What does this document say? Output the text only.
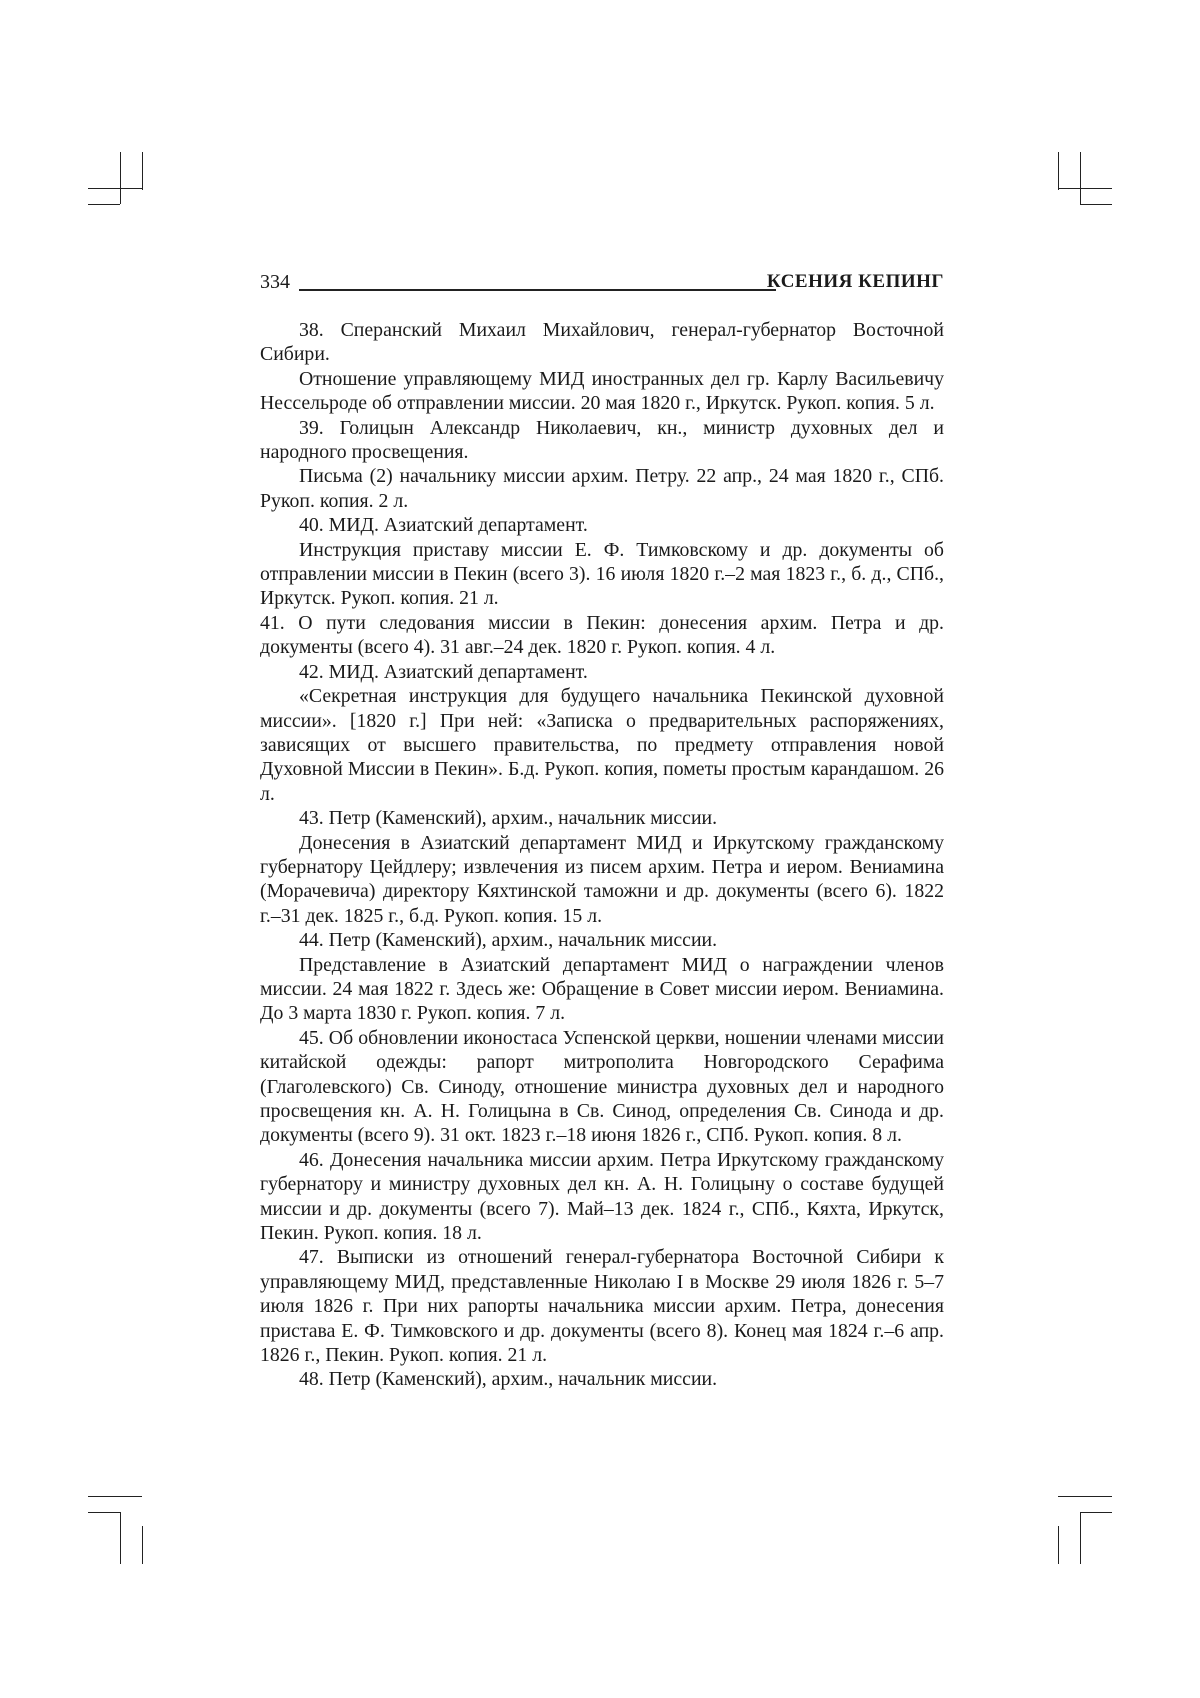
334	КСЕНИЯ КЕПИНГ

38. Сперанский Михаил Михайлович, генерал-губернатор Восточной Сибири.

Отношение управляющему МИД иностранных дел гр. Карлу Васильевичу Нессельроде об отправлении миссии. 20 мая 1820 г., Иркутск. Рукоп. копия. 5 л.

39. Голицын Александр Николаевич, кн., министр духовных дел и народного просвещения.

Письма (2) начальнику миссии архим. Петру. 22 апр., 24 мая 1820 г., СПб. Рукоп. копия. 2 л.

40. МИД. Азиатский департамент.

Инструкция приставу миссии Е. Ф. Тимковскому и др. документы об отправлении миссии в Пекин (всего 3). 16 июля 1820 г.–2 мая 1823 г., б. д., СПб., Иркутск. Рукоп. копия. 21 л.

41. О пути следования миссии в Пекин: донесения архим. Петра и др. документы (всего 4). 31 авг.–24 дек. 1820 г. Рукоп. копия. 4 л.

42. МИД. Азиатский департамент.

«Секретная инструкция для будущего начальника Пекинской духовной миссии». [1820 г.] При ней: «Записка о предварительных распоряжениях, зависящих от высшего правительства, по предмету отправления новой Духовной Миссии в Пекин». Б.д. Рукоп. копия, пометы простым карандашом. 26 л.

43. Петр (Каменский), архим., начальник миссии.

Донесения в Азиатский департамент МИД и Иркутскому гражданскому губернатору Цейдлеру; извлечения из писем архим. Петра и иером. Вениамина (Морачевича) директору Кяхтинской таможни и др. документы (всего 6). 1822 г.–31 дек. 1825 г., б.д. Рукоп. копия. 15 л.

44. Петр (Каменский), архим., начальник миссии.

Представление в Азиатский департамент МИД о награждении членов миссии. 24 мая 1822 г. Здесь же: Обращение в Совет миссии иером. Вениамина. До 3 марта 1830 г. Рукоп. копия. 7 л.

45. Об обновлении иконостаса Успенской церкви, ношении членами миссии китайской одежды: рапорт митрополита Новгородского Серафима (Глаголевского) Св. Синоду, отношение министра духовных дел и народного просвещения кн. А. Н. Голицына в Св. Синод, определения Св. Синода и др. документы (всего 9). 31 окт. 1823 г.–18 июня 1826 г., СПб. Рукоп. копия. 8 л.

46. Донесения начальника миссии архим. Петра Иркутскому гражданскому губернатору и министру духовных дел кн. А. Н. Голицыну о составе будущей миссии и др. документы (всего 7). Май–13 дек. 1824 г., СПб., Кяхта, Иркутск, Пекин. Рукоп. копия. 18 л.

47. Выписки из отношений генерал-губернатора Восточной Сибири к управляющему МИД, представленные Николаю I в Москве 29 июля 1826 г. 5–7 июля 1826 г. При них рапорты начальника миссии архим. Петра, донесения пристава Е. Ф. Тимковского и др. документы (всего 8). Конец мая 1824 г.–6 апр. 1826 г., Пекин. Рукоп. копия. 21 л.

48. Петр (Каменский), архим., начальник миссии.
